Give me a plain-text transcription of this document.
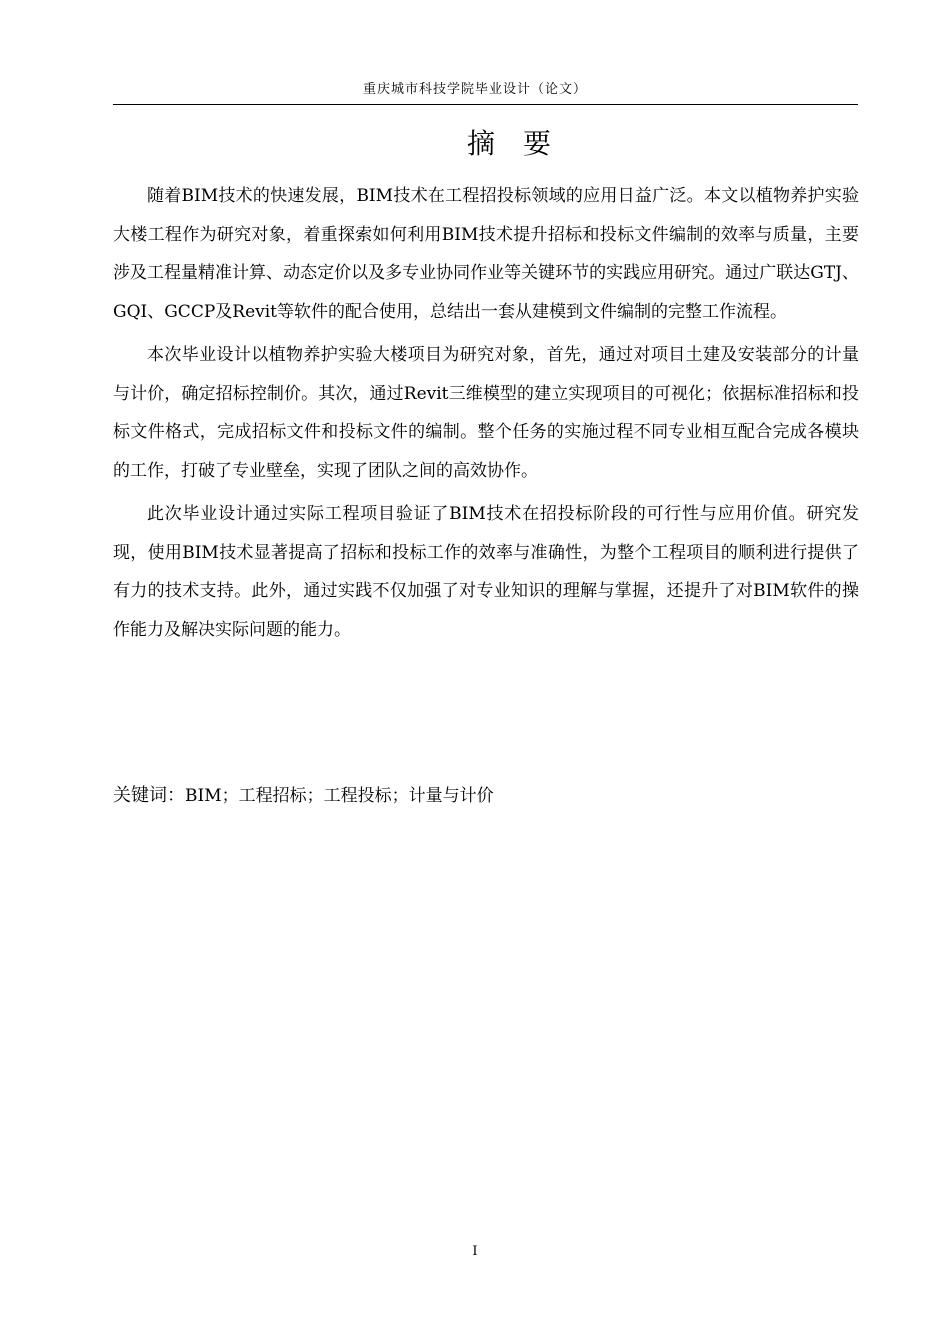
重庆城市科技学院毕业设计（论文）
摘 要

随着BIM技术的快速发展，BIM技术在工程招投标领域的应用日益广泛。本文以植物养护实验大楼工程作为研究对象，着重探索如何利用BIM技术提升招标和投标文件编制的效率与质量，主要涉及工程量精准计算、动态定价以及多专业协同作业等关键环节的实践应用研究。通过广联达GTJ、GQI、GCCP及Revit等软件的配合使用，总结出一套从建模到文件编制的完整工作流程。

本次毕业设计以植物养护实验大楼项目为研究对象，首先，通过对项目土建及安装部分的计量与计价，确定招标控制价。其次，通过Revit三维模型的建立实现项目的可视化；依据标准招标和投标文件格式，完成招标文件和投标文件的编制。整个任务的实施过程不同专业相互配合完成各模块的工作，打破了专业壁垒，实现了团队之间的高效协作。

此次毕业设计通过实际工程项目验证了BIM技术在招投标阶段的可行性与应用价值。研究发现，使用BIM技术显著提高了招标和投标工作的效率与准确性，为整个工程项目的顺利进行提供了有力的技术支持。此外，通过实践不仅加强了对专业知识的理解与掌握，还提升了对BIM软件的操作能力及解决实际问题的能力。

关键词：BIM；工程招标；工程投标；计量与计价
I
